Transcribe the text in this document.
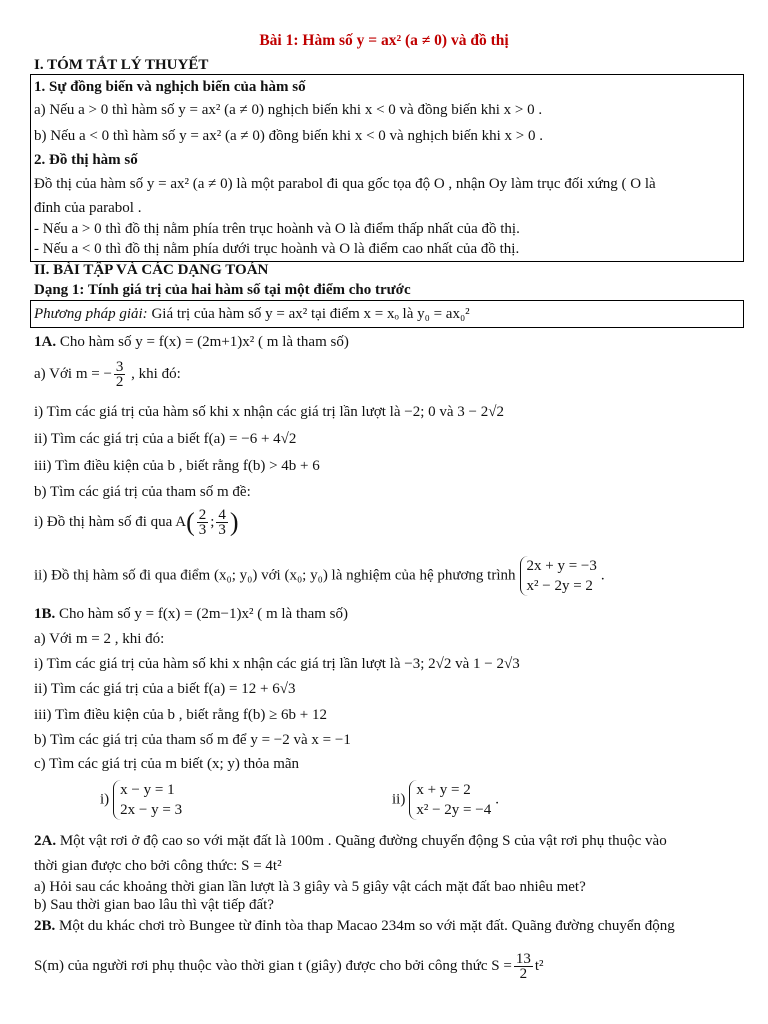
Bài 1: Hàm số y = ax² (a ≠ 0) và đồ thị
I. TÓM TẮT LÝ THUYẾT
1. Sự đồng biến và nghịch biến của hàm số
a) Nếu a > 0 thì hàm số y = ax² (a ≠ 0) nghịch biến khi x < 0 và đồng biến khi x > 0 .
b) Nếu a < 0 thì hàm số y = ax² (a ≠ 0) đồng biến khi x < 0 và nghịch biến khi x > 0 .
2. Đồ thị hàm số
Đồ thị của hàm số y = ax² (a ≠ 0) là một parabol đi qua gốc tọa độ O , nhận Oy làm trục đối xứng ( O là
đỉnh của parabol .
- Nếu a > 0 thì đồ thị nằm phía trên trục hoành và O là điểm thấp nhất của đồ thị.
- Nếu a < 0 thì đồ thị nằm phía dưới trục hoành và O là điểm cao nhất của đồ thị.
II. BÀI TẬP VÀ CÁC DẠNG TOÁN
Dạng 1: Tính giá trị của hai hàm số tại một điểm cho trước
Phương pháp giải: Giá trị của hàm số y = ax² tại điểm x = xₒ là y₀ = ax₀²
1A. Cho hàm số y = f(x) = (2m+1)x² ( m là tham số)
a) Với m = − $\frac{3}{2}$ , khi đó:
i) Tìm các giá trị của hàm số khi x nhận các giá trị lần lượt là −2; 0 và 3 − 2√2
ii) Tìm các giá trị của a biết f(a) = −6 + 4√2
iii) Tìm điều kiện của b , biết rằng f(b) > 4b + 6
b) Tìm các giá trị của tham số m đề:
i) Đồ thị hàm số đi qua $A( \frac{2}{3}$ ; $\frac{4}{3}$ )
ii) Đồ thị hàm số đi qua điểm (x₀; y₀) với (x₀; y₀) là nghiệm của hệ phương trình
2x + y = −3
x² − 2y = 2
.
1B. Cho hàm số y = f(x) = (2m−1)x² ( m là tham số)
a) Với m = 2 , khi đó:
i) Tìm các giá trị của hàm số khi x nhận các giá trị lần lượt là −3; 2√2 và 1 − 2√3
ii) Tìm các giá trị của a biết f(a) = 12 + 6√3
iii) Tìm điều kiện của b , biết rằng f(b) ≥ 6b + 12
b) Tìm các giá trị của tham số m để y = −2 và x = −1
c) Tìm các giá trị của m biết (x; y) thỏa mãn
i)
x − y = 1
2x − y = 3
ii)
x + y = 2
x² − 2y = −4
.
2A. Một vật rơi ở độ cao so với mặt đất là 100m . Quãng đường chuyển động S của vật rơi phụ thuộc vào
thời gian được cho bởi công thức: S = 4t²
a) Hỏi sau các khoảng thời gian lần lượt là 3 giây và 5 giây vật cách mặt đất bao nhiêu met?
b) Sau thời gian bao lâu thì vật tiếp đất?
2B. Một du khác chơi trò Bungee từ đỉnh tòa thap Macao 234m so với mặt đất. Quãng đường chuyển động
S(m) của người rơi phụ thuộc vào thời gian t (giây) được cho bởi công thức $S = \frac{13}{2} t^2$
